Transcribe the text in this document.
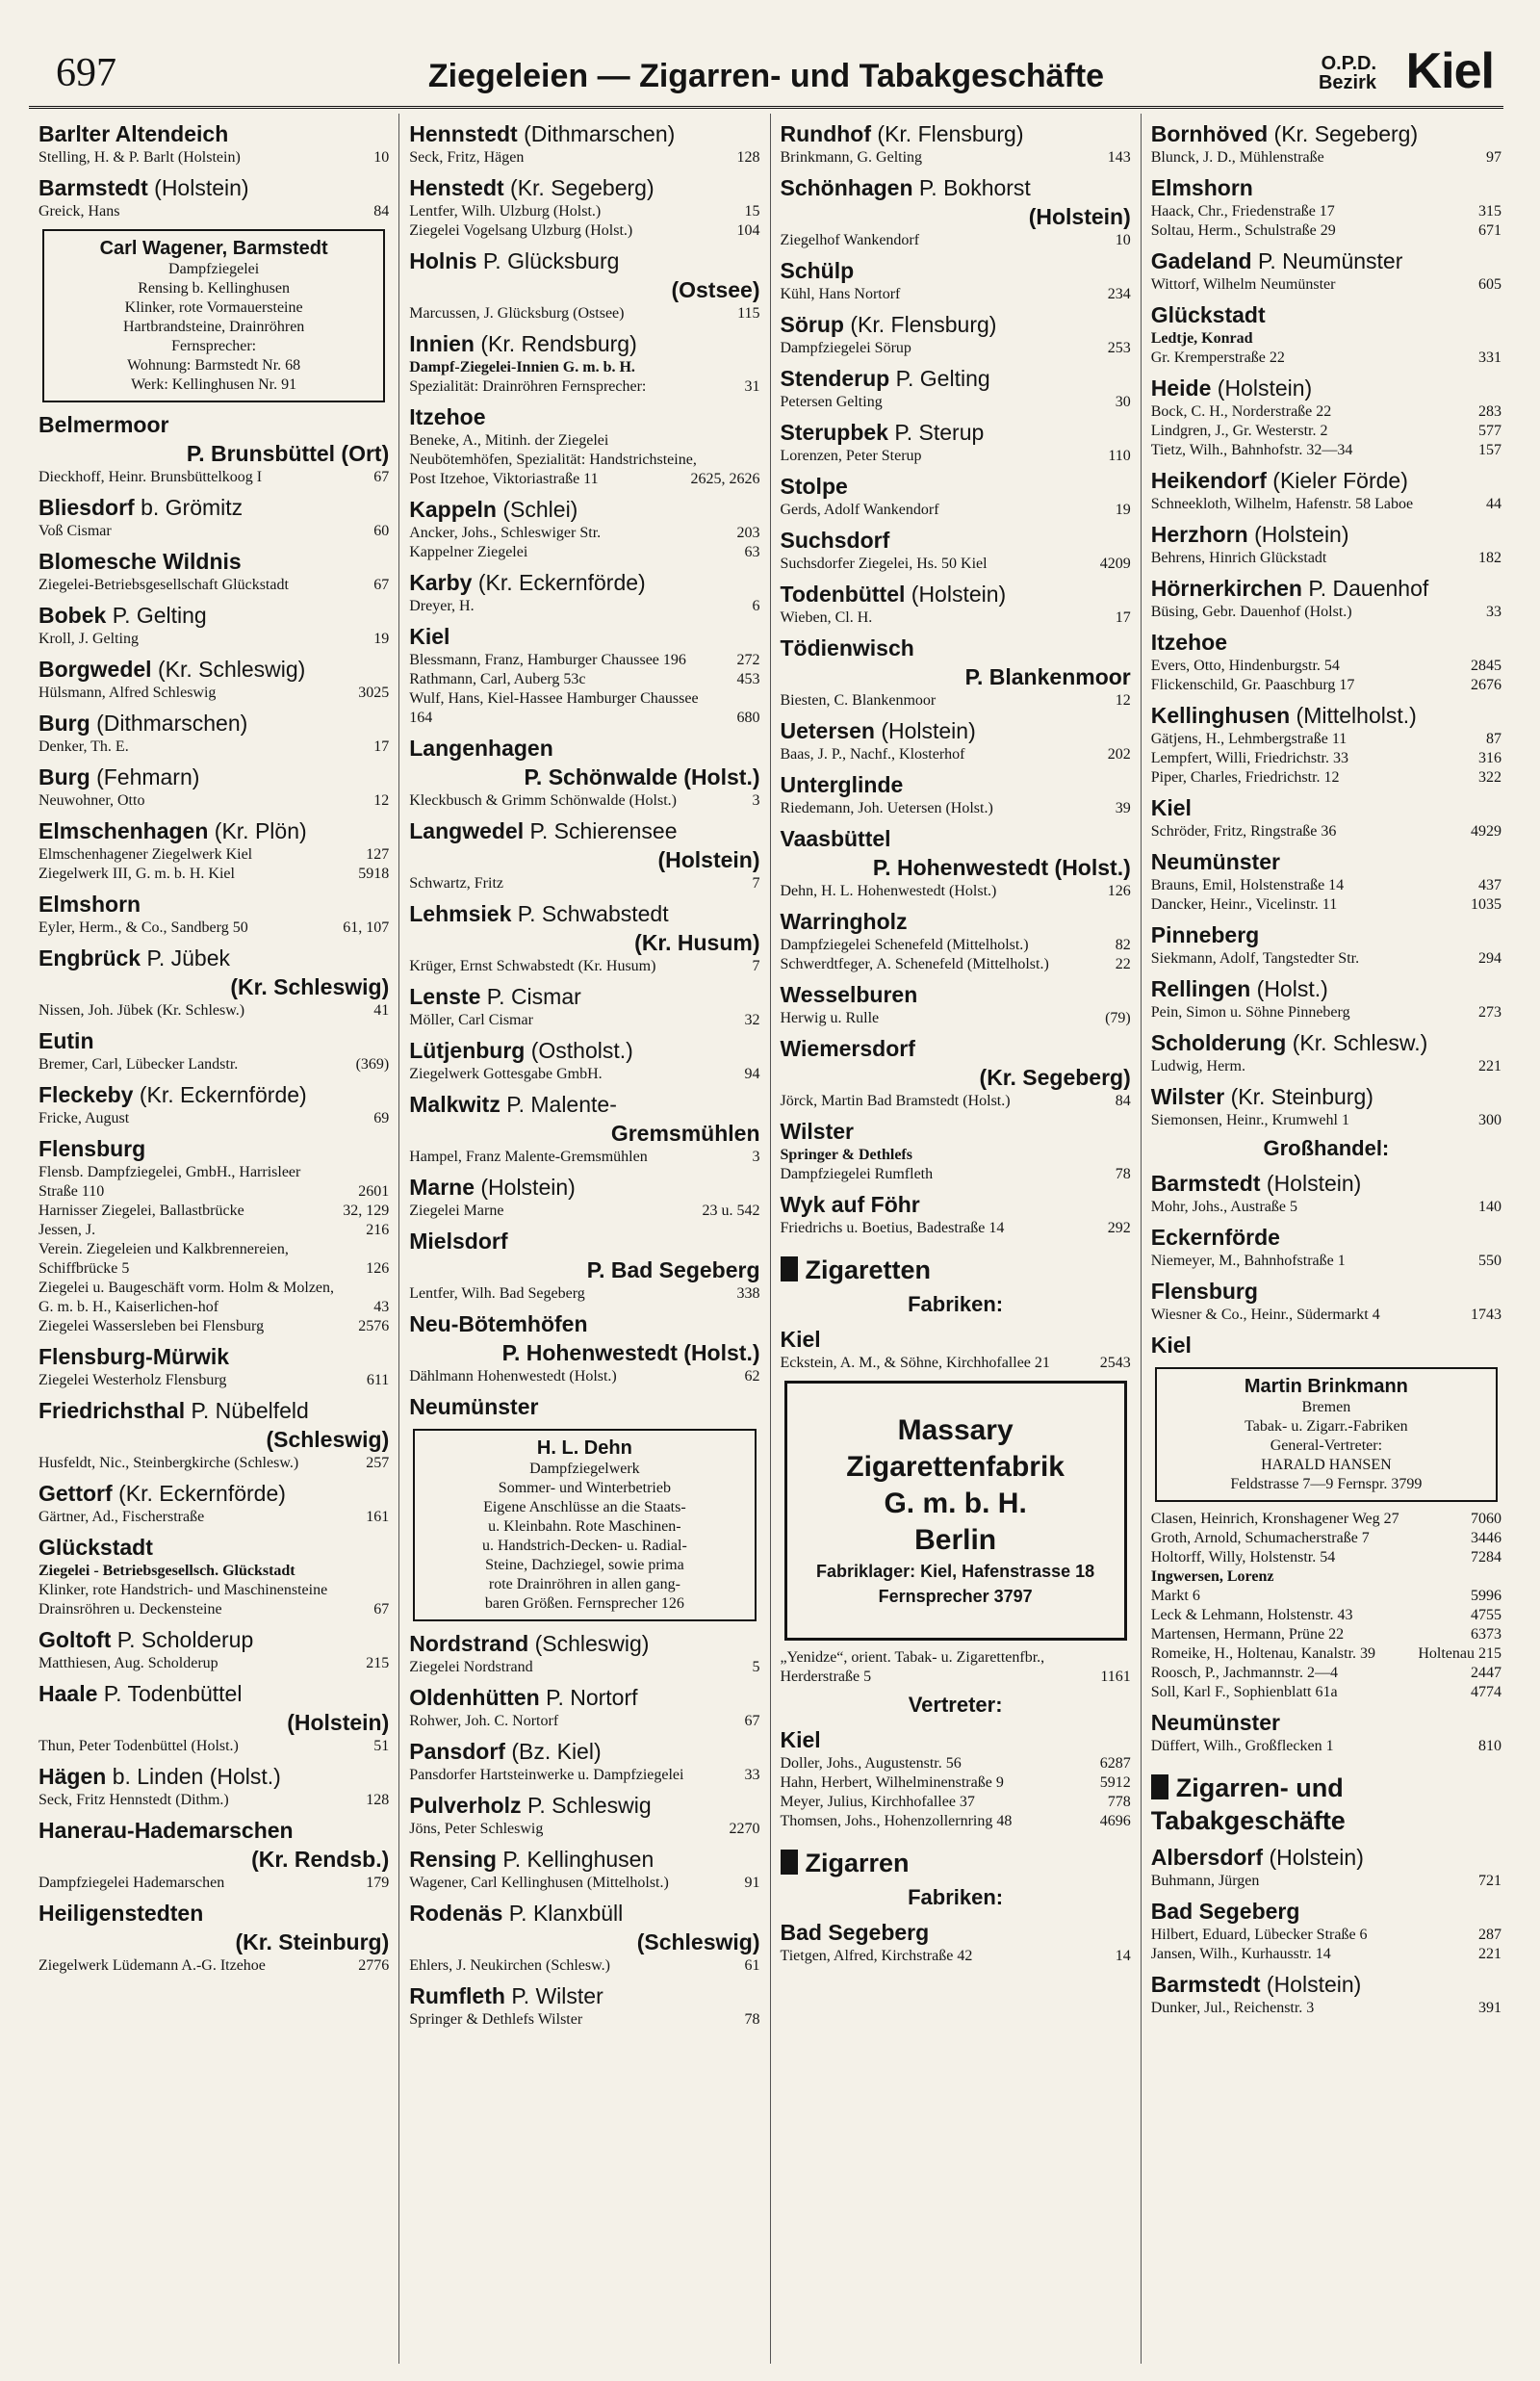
697	Ziegeleien — Zigarren- und Tabakgeschäfte	O.P.D.
Bezirk Kiel
Barlter Altendeich
Stelling, H. & P. Barlt (Holstein)	10
Barmstedt (Holstein)
Greick, Hans	84
Carl Wagener, Barmstedt
Dampfziegelei
Rensing b. Kellinghusen
Klinker, rote Vormauersteine
Hartbrandsteine, Drainröhren
Fernsprecher:
Wohnung: Barmstedt Nr. 68
Werk: Kellinghusen Nr. 91
Belmermoor
P. Brunsbüttel (Ort)
Dieckhoff, Heinr. Brunsbüttelkoog I	67
Bliesdorf b. Grömitz
Voß Cismar	60
Blomesche Wildnis
Ziegelei-Betriebsgesellschaft Glückstadt	67
Bobek P. Gelting
Kroll, J. Gelting	19
Borgwedel (Kr. Schleswig)
Hülsmann, Alfred Schleswig	3025
Burg (Dithmarschen)
Denker, Th. E.	17
Burg (Fehmarn)
Neuwohner, Otto	12
Elmschenhagen (Kr. Plön)
Elmschenhagener Ziegelwerk Kiel	127
Ziegelwerk III, G. m. b. H. Kiel	5918
Elmshorn
Eyler, Herm., & Co., Sandberg 50	61, 107
Engbrück P. Jübek
(Kr. Schleswig)
Nissen, Joh. Jübek (Kr. Schlesw.)	41
Eutin
Bremer, Carl, Lübecker Landstr.	(369)
Fleckeby (Kr. Eckernförde)
Fricke, August	69
Flensburg
Flensb. Dampfziegelei, GmbH., Harrisleer Straße 110	2601
Harnisser Ziegelei, Ballastbrücke	32, 129
Jessen, J.	216
Verein. Ziegeleien und Kalkbrennereien, Schiffbrücke 5	126
Ziegelei u. Baugeschäft vorm. Holm & Molzen, G. m. b. H., Kaiserlichen-hof	43
Ziegelei Wassersleben bei Flensburg	2576
Flensburg-Mürwik
Ziegelei Westerholz Flensburg	611
Friedrichsthal P. Nübelfeld
(Schleswig)
Husfeldt, Nic., Steinbergkirche (Schlesw.)	257
Gettorf (Kr. Eckernförde)
Gärtner, Ad., Fischerstraße	161
Glückstadt
Ziegelei - Betriebsgesellsch. Glückstadt
Klinker, rote Handstrich- und Maschinensteine Drainsröhren u. Deckensteine	67
Goltoft P. Scholderup
Matthiesen, Aug. Scholderup	215
Haale P. Todenbüttel
(Holstein)
Thun, Peter Todenbüttel (Holst.)	51
Hägen b. Linden (Holst.)
Seck, Fritz Hennstedt (Dithm.)	128
Hanerau-Hademarschen
(Kr. Rendsb.)
Dampfziegelei Hademarschen	179
Heiligenstedten
(Kr. Steinburg)
Ziegelwerk Lüdemann A.-G. Itzehoe	2776
Hennstedt (Dithmarschen)
Seck, Fritz, Hägen	128
Henstedt (Kr. Segeberg)
Lentfer, Wilh. Ulzburg (Holst.)	15
Ziegelei Vogelsang Ulzburg (Holst.)	104
Holnis P. Glücksburg
(Ostsee)
Marcussen, J. Glücksburg (Ostsee)	115
Innien (Kr. Rendsburg)
Dampf-Ziegelei-Innien G. m. b. H.
Spezialität: Drainröhren Fernsprecher:	31
Itzehoe
Beneke, A., Mitinh. der Ziegelei Neubötemhöfen, Spezialität: Handstrichsteine, Post Itzehoe, Viktoriastraße 11	2625, 2626
Kappeln (Schlei)
Ancker, Johs., Schleswiger Str.	203
Kappelner Ziegelei	63
Karby (Kr. Eckernförde)
Dreyer, H.	6
Kiel
Blessmann, Franz, Hamburger Chaussee 196	272
Rathmann, Carl, Auberg 53c	453
Wulf, Hans, Kiel-Hassee Hamburger Chaussee 164	680
Langenhagen
P. Schönwalde (Holst.)
Kleckbusch & Grimm Schönwalde (Holst.)	3
Langwedel P. Schierensee
(Holstein)
Schwartz, Fritz	7
Lehmsiek P. Schwabstedt
(Kr. Husum)
Krüger, Ernst Schwabstedt (Kr. Husum)	7
Lenste P. Cismar
Möller, Carl Cismar	32
Lütjenburg (Ostholst.)
Ziegelwerk Gottesgabe GmbH.	94
Malkwitz P. Malente-
Gremsmühlen
Hampel, Franz Malente-Gremsmühlen	3
Marne (Holstein)
Ziegelei Marne	23 u. 542
Mielsdorf
P. Bad Segeberg
Lentfer, Wilh. Bad Segeberg	338
Neu-Bötemhöfen
P. Hohenwestedt (Holst.)
Dählmann Hohenwestedt (Holst.)	62
Neumünster
H. L. Dehn
Dampfziegelwerk
Sommer- und Winterbetrieb
Eigene Anschlüsse an die Staats-
u. Kleinbahn. Rote Maschinen-
u. Handstrich-Decken- u. Radial-
Steine, Dachziegel, sowie prima
rote Drainröhren in allen gang-
baren Größen. Fernsprecher 126
Nordstrand (Schleswig)
Ziegelei Nordstrand	5
Oldenhütten P. Nortorf
Rohwer, Joh. C. Nortorf	67
Pansdorf (Bz. Kiel)
Pansdorfer Hartsteinwerke u. Dampfziegelei	33
Pulverholz P. Schleswig
Jöns, Peter Schleswig	2270
Rensing P. Kellinghusen
Wagener, Carl Kellinghusen (Mittelholst.)	91
Rodenäs P. Klanxbüll
(Schleswig)
Ehlers, J. Neukirchen (Schlesw.)	61
Rumfleth P. Wilster
Springer & Dethlefs Wilster	78
Rundhof (Kr. Flensburg)
Brinkmann, G. Gelting	143
Schönhagen P. Bokhorst
(Holstein)
Ziegelhof Wankendorf	10
Schülp
Kühl, Hans Nortorf	234
Sörup (Kr. Flensburg)
Dampfziegelei Sörup	253
Stenderup P. Gelting
Petersen Gelting	30
Sterupbek P. Sterup
Lorenzen, Peter Sterup	110
Stolpe
Gerds, Adolf Wankendorf	19
Suchsdorf
Suchsdorfer Ziegelei, Hs. 50 Kiel	4209
Todenbüttel (Holstein)
Wieben, Cl. H.	17
Tödienwisch
P. Blankenmoor
Biesten, C. Blankenmoor	12
Uetersen (Holstein)
Baas, J. P., Nachf., Klosterhof	202
Unterglinde
Riedemann, Joh. Uetersen (Holst.)	39
Vaasbüttel
P. Hohenwestedt (Holst.)
Dehn, H. L. Hohenwestedt (Holst.)	126
Warringholz
Dampfziegelei Schenefeld (Mittelholst.)	82
Schwerdtfeger, A. Schenefeld (Mittelholst.)	22
Wesselburen
Herwig u. Rulle	(79)
Wiemersdorf
(Kr. Segeberg)
Jörck, Martin Bad Bramstedt (Holst.)	84
Wilster
Springer & Dethlefs
Dampfziegelei Rumfleth	78
Wyk auf Föhr
Friedrichs u. Boetius, Badestraße 14	292
Zigaretten
Fabriken:
Kiel
Eckstein, A. M., & Söhne, Kirchhofallee 21	2543
Massary
Zigarettenfabrik
G. m. b. H.
Berlin
Fabriklager: Kiel, Hafenstrasse 18
Fernsprecher 3797
„Yenidze“, orient. Tabak- u. Zigarettenfbr., Herderstraße 5	1161
Vertreter:
Kiel
Doller, Johs., Augustenstr. 56	6287
Hahn, Herbert, Wilhelminenstraße 9	5912
Meyer, Julius, Kirchhofallee 37	778
Thomsen, Johs., Hohenzollernring 48	4696
Zigarren
Fabriken:
Bad Segeberg
Tietgen, Alfred, Kirchstraße 42	14
Bornhöved (Kr. Segeberg)
Blunck, J. D., Mühlenstraße	97
Elmshorn
Haack, Chr., Friedenstraße 17	315
Soltau, Herm., Schulstraße 29	671
Gadeland P. Neumünster
Wittorf, Wilhelm Neumünster	605
Glückstadt
Ledtje, Konrad
Gr. Kremperstraße 22	331
Heide (Holstein)
Bock, C. H., Norderstraße 22	283
Lindgren, J., Gr. Westerstr. 2	577
Tietz, Wilh., Bahnhofstr. 32—34	157
Heikendorf (Kieler Förde)
Schneekloth, Wilhelm, Hafenstr. 58 Laboe	44
Herzhorn (Holstein)
Behrens, Hinrich Glückstadt	182
Hörnerkirchen P. Dauenhof
Büsing, Gebr. Dauenhof (Holst.)	33
Itzehoe
Evers, Otto, Hindenburgstr. 54	2845
Flickenschild, Gr. Paaschburg 17	2676
Kellinghusen (Mittelholst.)
Gätjens, H., Lehmbergstraße 11	87
Lempfert, Willi, Friedrichstr. 33	316
Piper, Charles, Friedrichstr. 12	322
Kiel
Schröder, Fritz, Ringstraße 36	4929
Neumünster
Brauns, Emil, Holstenstraße 14	437
Dancker, Heinr., Vicelinstr. 11	1035
Pinneberg
Siekmann, Adolf, Tangstedter Str.	294
Rellingen (Holst.)
Pein, Simon u. Söhne Pinneberg	273
Scholderung (Kr. Schlesw.)
Ludwig, Herm.	221
Wilster (Kr. Steinburg)
Siemonsen, Heinr., Krumwehl 1	300
Großhandel:
Barmstedt (Holstein)
Mohr, Johs., Austraße 5	140
Eckernförde
Niemeyer, M., Bahnhofstraße 1	550
Flensburg
Wiesner & Co., Heinr., Südermarkt 4	1743
Kiel
Martin Brinkmann
Bremen
Tabak- u. Zigarr.-Fabriken
General-Vertreter:
HARALD HANSEN
Feldstrasse 7—9 Fernspr. 3799
Clasen, Heinrich, Kronshagener Weg 27	7060
Groth, Arnold, Schumacherstraße 7	3446
Holtorff, Willy, Holstenstr. 54	7284
Ingwersen, Lorenz
Markt 6	5996
Leck & Lehmann, Holstenstr. 43	4755
Martensen, Hermann, Prüne 22	6373
Romeike, H., Holtenau, Kanalstr. 39	Holtenau 215
Roosch, P., Jachmannstr. 2—4	2447
Soll, Karl F., Sophienblatt 61a	4774
Neumünster
Düffert, Wilh., Großflecken 1	810
Zigarren- und
Tabakgeschäfte
Albersdorf (Holstein)
Buhmann, Jürgen	721
Bad Segeberg
Hilbert, Eduard, Lübecker Straße 6	287
Jansen, Wilh., Kurhausstr. 14	221
Barmstedt (Holstein)
Dunker, Jul., Reichenstr. 3	391
